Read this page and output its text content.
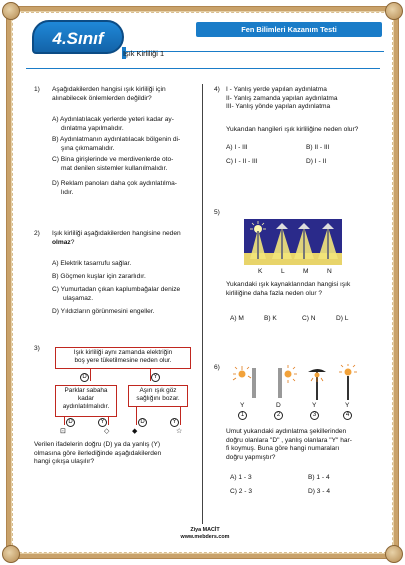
4.Sınıf	Fen Bilimleri Kazanım Testi
Işık Kirliliği 1
1) Aşağıdakilerden hangisi ışık kirliliği için
alınabilecek önlemlerden değildir?
A) Aydınlatılacak yerlerde yeteri kadar ay-
dınlatma yapılmalıdır.
B) Aydınlatmanın aydınlatılacak bölgenin di-
şına çıkmamalıdır.
C) Bina girişlerinde ve merdivenlerde oto-
mat denilen sistemler kullanılmalıdır.
D) Reklam panoları daha çok aydınlatılma-
lıdır.
2) Işık kirliliği aşağıdakilerden hangisine neden
olmaz?
A) Elektrik tasarrufu sağlar.
B) Göçmen kuşlar için zararlıdır.
C) Yumurtadan çıkan kaplumbağalar denize
ulaşamaz.
D) Yıldızların görünmesini engeller.
3)
Işık kirliliği aynı zamanda elektriğin
boş yere tüketilmesine neden olur.
D	Y
Parklar sabaha
kadar
aydınlatılmalıdır.
Aşırı ışık göz
sağlığını bozar.
D	Y	D	Y
⊡	◇	◆	☆
Verilen ifadelerin doğru (D) ya da yanlış (Y)
olmasına göre ilerlediğinde aşağıdakilerden
hangi çıkışa ulaşılır?
4) I - Yanlış yerde yapılan aydınlatma
II- Yanlış zamanda yapılan aydınlatma
III- Yanlış yönde yapılan aydınlatma
Yukarıdan hangileri ışık kirliliğine neden olur?
A) I - III	B) II - III
C) I - II - III	D) I - II
5)
K	L	M	N
Yukarıdaki ışık kaynaklarından hangisi ışık
kirliliğine daha fazla neden olur ?
A) M	B) K	C) N	D) L
6)
Y	D	Y	Y
1	2	3	4
Umut yukarıdaki aydınlatma şekillerinden
doğru olanlara "D" , yanlış olanlara "Y" har-
fi koymuş. Buna göre hangi numaraları
doğru yapmıştır?
A) 1 - 3	B) 1 - 4
C) 2 - 3	D) 3 - 4
Ziya MACİT
www.mebders.com
